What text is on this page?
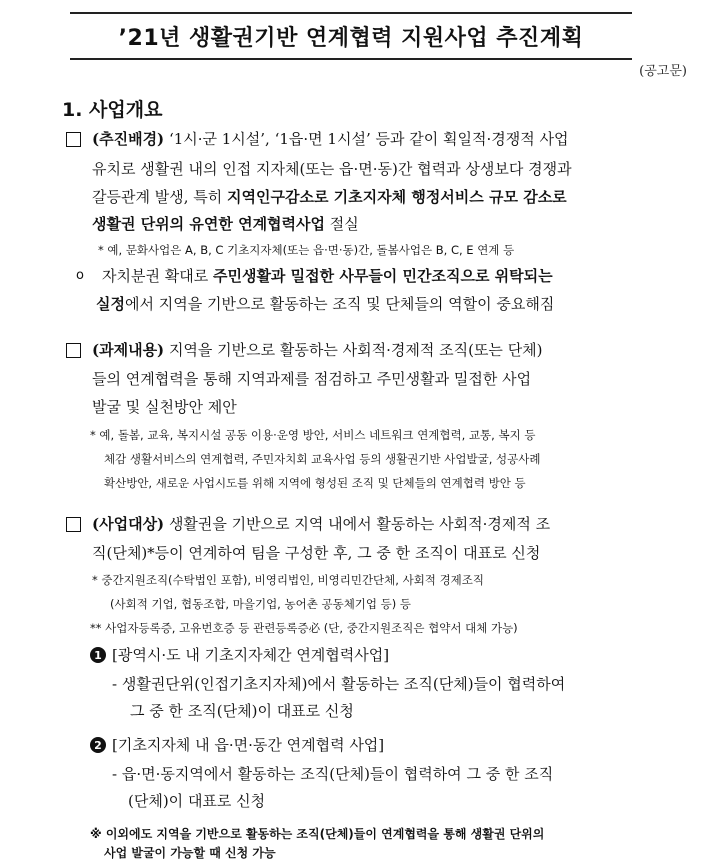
’21년 생활권기반 연계협력 지원사업 추진계획
(공고문)
1. 사업개요
(추진배경) ‘1시·군 1시설’, ‘1읍·면 1시설’ 등과 같이 획일적·경쟁적 사업
유치로 생활권 내의 인접 지자체(또는 읍·면·동)간 협력과 상생보다 경쟁과
갈등관계 발생, 특히 지역인구감소로 기초지자체 행정서비스 규모 감소로
생활권 단위의 유연한 연계협력사업 절실
* 예, 문화사업은 A, B, C 기초지자체(또는 읍·면·동)간, 돌봄사업은 B, C, E 연계 등
o 자치분권 확대로 주민생활과 밀접한 사무들이 민간조직으로 위탁되는
실정에서 지역을 기반으로 활동하는 조직 및 단체들의 역할이 중요해짐
(과제내용) 지역을 기반으로 활동하는 사회적·경제적 조직(또는 단체)
들의 연계협력을 통해 지역과제를 점검하고 주민생활과 밀접한 사업
발굴 및 실천방안 제안
* 예, 돌봄, 교육, 복지시설 공동 이용·운영 방안, 서비스 네트워크 연계협력, 교통, 복지 등
체감 생활서비스의 연계협력, 주민자치회 교육사업 등의 생활권기반 사업발굴, 성공사례
확산방안, 새로운 사업시도를 위해 지역에 형성된 조직 및 단체들의 연계협력 방안 등
(사업대상) 생활권을 기반으로 지역 내에서 활동하는 사회적·경제적 조
직(단체)*등이 연계하여 팀을 구성한 후, 그 중 한 조직이 대표로 신청
* 중간지원조직(수탁법인 포함), 비영리법인, 비영리민간단체, 사회적 경제조직
(사회적 기업, 협동조합, 마을기업, 농어촌 공동체기업 등) 등
** 사업자등록증, 고유번호증 등 관련등록증必 (단, 중간지원조직은 협약서 대체 가능)
1 [광역시·도 내 기초지자체간 연계협력사업]
- 생활권단위(인접기초지자체)에서 활동하는 조직(단체)들이 협력하여
그 중 한 조직(단체)이 대표로 신청
2 [기초지자체 내 읍·면·동간 연계협력 사업]
- 읍·면·동지역에서 활동하는 조직(단체)들이 협력하여 그 중 한 조직
(단체)이 대표로 신청
※ 이외에도 지역을 기반으로 활동하는 조직(단체)들이 연계협력을 통해 생활권 단위의
사업 발굴이 가능할 때 신청 가능
